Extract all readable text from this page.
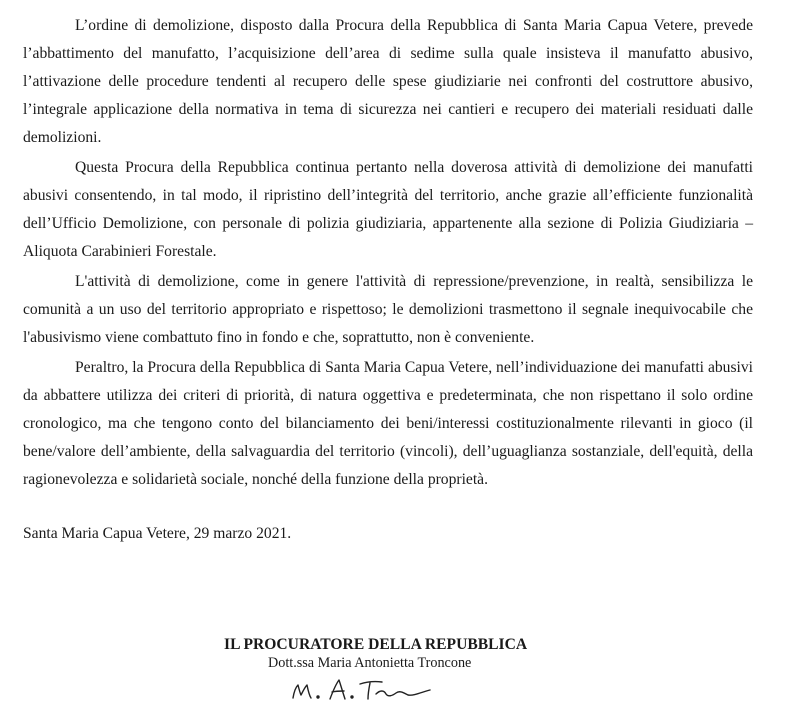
L’ordine di demolizione, disposto dalla Procura della Repubblica di Santa Maria Capua Vetere, prevede l’abbattimento del manufatto, l’acquisizione dell’area di sedime sulla quale insisteva il manufatto abusivo, l’attivazione delle procedure tendenti al recupero delle spese giudiziarie nei confronti del costruttore abusivo, l’integrale applicazione della normativa in tema di sicurezza nei cantieri e recupero dei materiali residuati dalle demolizioni.

Questa Procura della Repubblica continua pertanto nella doverosa attività di demolizione dei manufatti abusivi consentendo, in tal modo, il ripristino dell’integrità del territorio, anche grazie all’efficiente funzionalità dell’Ufficio Demolizione, con personale di polizia giudiziaria, appartenente alla sezione di Polizia Giudiziaria – Aliquota Carabinieri Forestale.

L'attività di demolizione, come in genere l'attività di repressione/prevenzione, in realtà, sensibilizza le comunità a un uso del territorio appropriato e rispettoso; le demolizioni trasmettono il segnale inequivocabile che l'abusivismo viene combattuto fino in fondo e che, soprattutto, non è conveniente.

Peraltro, la Procura della Repubblica di Santa Maria Capua Vetere, nell’individuazione dei manufatti abusivi da abbattere utilizza dei criteri di priorità, di natura oggettiva e predeterminata, che non rispettano il solo ordine cronologico, ma che tengono conto del bilanciamento dei beni/interessi costituzionalmente rilevanti in gioco (il bene/valore dell’ambiente, della salvaguardia del territorio (vincoli), dell’uguaglianza sostanziale, dell'equità, della ragionevolezza e solidarietà sociale, nonché della funzione della proprietà.

Santa Maria Capua Vetere, 29 marzo 2021.

IL PROCURATORE DELLA REPUBBLICA

Dott.ssa Maria Antonietta Troncone
